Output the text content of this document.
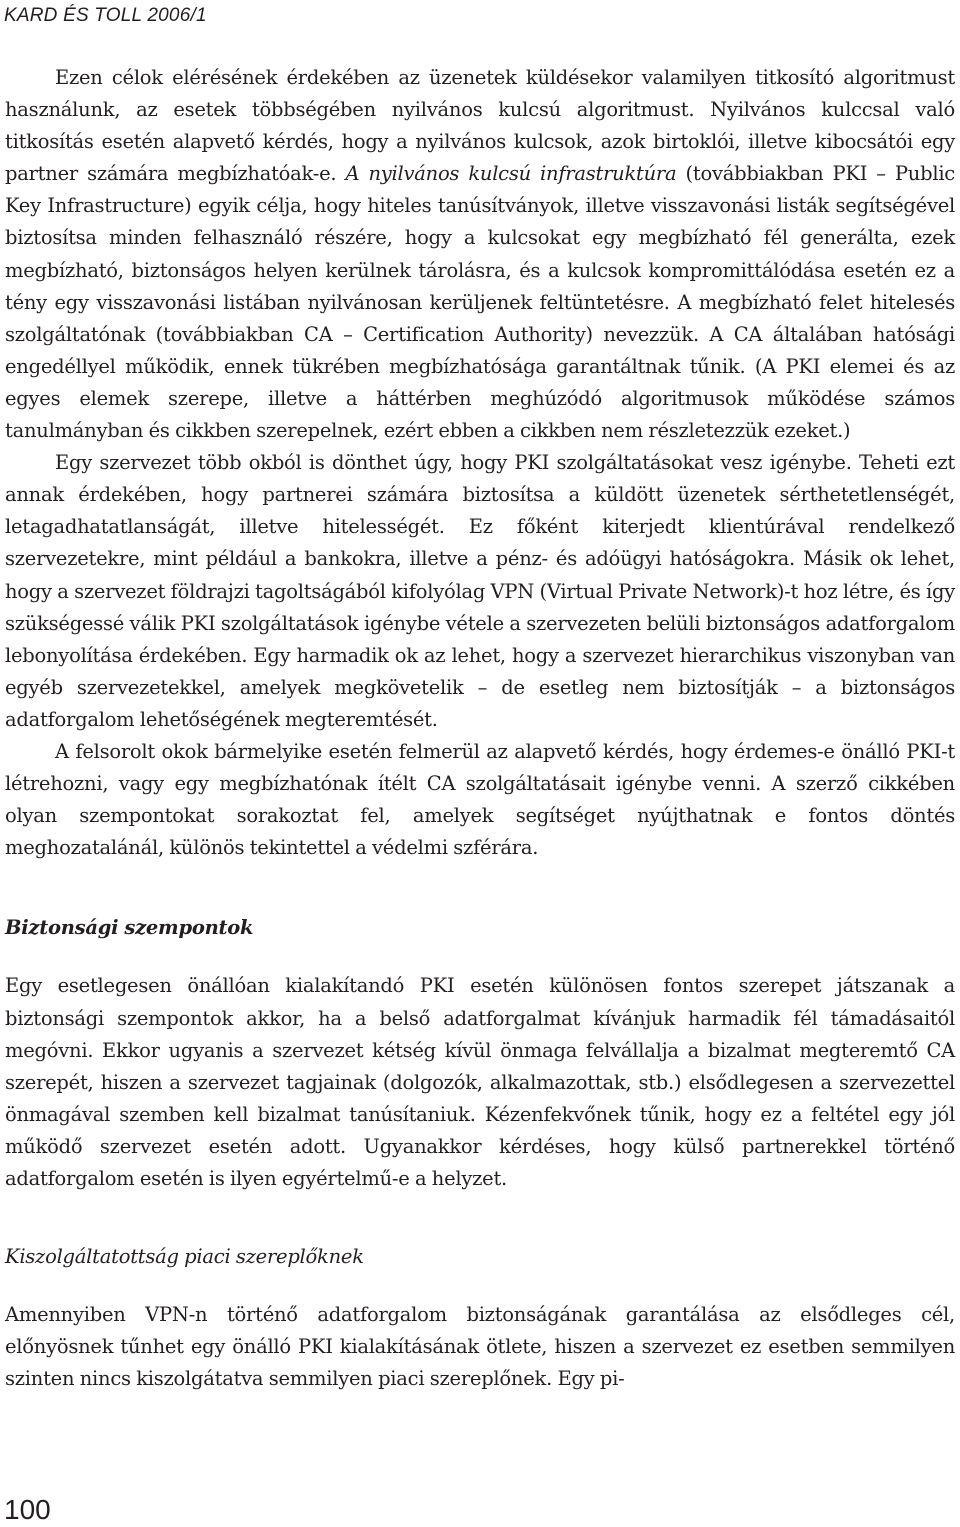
KARD ÉS TOLL 2006/1

Ezen célok elérésének érdekében az üzenetek küldésekor valamilyen titkosító algoritmust használunk, az esetek többségében nyilvános kulcsú algoritmust. Nyilvános kulccsal való titkosítás esetén alapvető kérdés, hogy a nyilvános kulcsok, azok birtoklói, illetve kibocsátói egy partner számára megbízhatóak-e. A nyilvános kulcsú infrastruktúra (továbbiakban PKI – Public Key Infrastructure) egyik célja, hogy hiteles tanúsítványok, illetve visszavonási listák segítségével biztosítsa minden felhasználó részére, hogy a kulcsokat egy megbízható fél generálta, ezek megbízható, biztonságos helyen kerülnek tárolásra, és a kulcsok kompromittálódása esetén ez a tény egy visszavonási listában nyilvánosan kerüljenek feltüntetésre. A megbízható felet hitelesés szolgáltatónak (továbbiakban CA – Certification Authority) nevezzük. A CA általában hatósági engedéllyel működik, ennek tükrében megbízhatósága garantáltnak tűnik. (A PKI elemei és az egyes elemek szerepe, illetve a háttérben meghúzódó algoritmusok működése számos tanulmányban és cikkben szerepelnek, ezért ebben a cikkben nem részletezzük ezeket.)

Egy szervezet több okból is dönthet úgy, hogy PKI szolgáltatásokat vesz igénybe. Teheti ezt annak érdekében, hogy partnerei számára biztosítsa a küldött üzenetek sérthetetlenségét, letagadhatatlanságát, illetve hitelességét. Ez főként kiterjedt klientúrával rendelkező szervezetekre, mint például a bankokra, illetve a pénz- és adóügyi hatóságokra. Másik ok lehet, hogy a szervezet földrajzi tagoltságából kifolyólag VPN (Virtual Private Network)-t hoz létre, és így szükségessé válik PKI szolgáltatások igénybe vétele a szervezeten belüli biztonságos adatforgalom lebonyolítása érdekében. Egy harmadik ok az lehet, hogy a szervezet hierarchikus viszonyban van egyéb szervezetekkel, amelyek megkövetelik – de esetleg nem biztosítják – a biztonságos adatforgalom lehetőségének megteremtését.

A felsorolt okok bármelyike esetén felmerül az alapvető kérdés, hogy érdemes-e önálló PKI-t létrehozni, vagy egy megbízhatónak ítélt CA szolgáltatásait igénybe venni. A szerző cikkében olyan szempontokat sorakoztat fel, amelyek segítséget nyújthatnak e fontos döntés meghozatalánál, különös tekintettel a védelmi szférára.

Biztonsági szempontok

Egy esetlegesen önállóan kialakítandó PKI esetén különösen fontos szerepet játszanak a biztonsági szempontok akkor, ha a belső adatforgalmat kívánjuk harmadik fél támadásaitól megóvni. Ekkor ugyanis a szervezet kétség kívül önmaga felvállalja a bizalmat megteremtő CA szerepét, hiszen a szervezet tagjainak (dolgozók, alkalmazottak, stb.) elsődlegesen a szervezettel önmagával szemben kell bizalmat tanúsítaniuk. Kézenfekvőnek tűnik, hogy ez a feltétel egy jól működő szervezet esetén adott. Ugyanakkor kérdéses, hogy külső partnerekkel történő adatforgalom esetén is ilyen egyértelmű-e a helyzet.

Kiszolgáltatottság piaci szereplőknek

Amennyiben VPN-n történő adatforgalom biztonságának garantálása az elsődleges cél, előnyösnek tűnhet egy önálló PKI kialakításának ötlete, hiszen a szervezet ez esetben semmilyen szinten nincs kiszolgátatva semmilyen piaci szereplőnek. Egy pi-

100
